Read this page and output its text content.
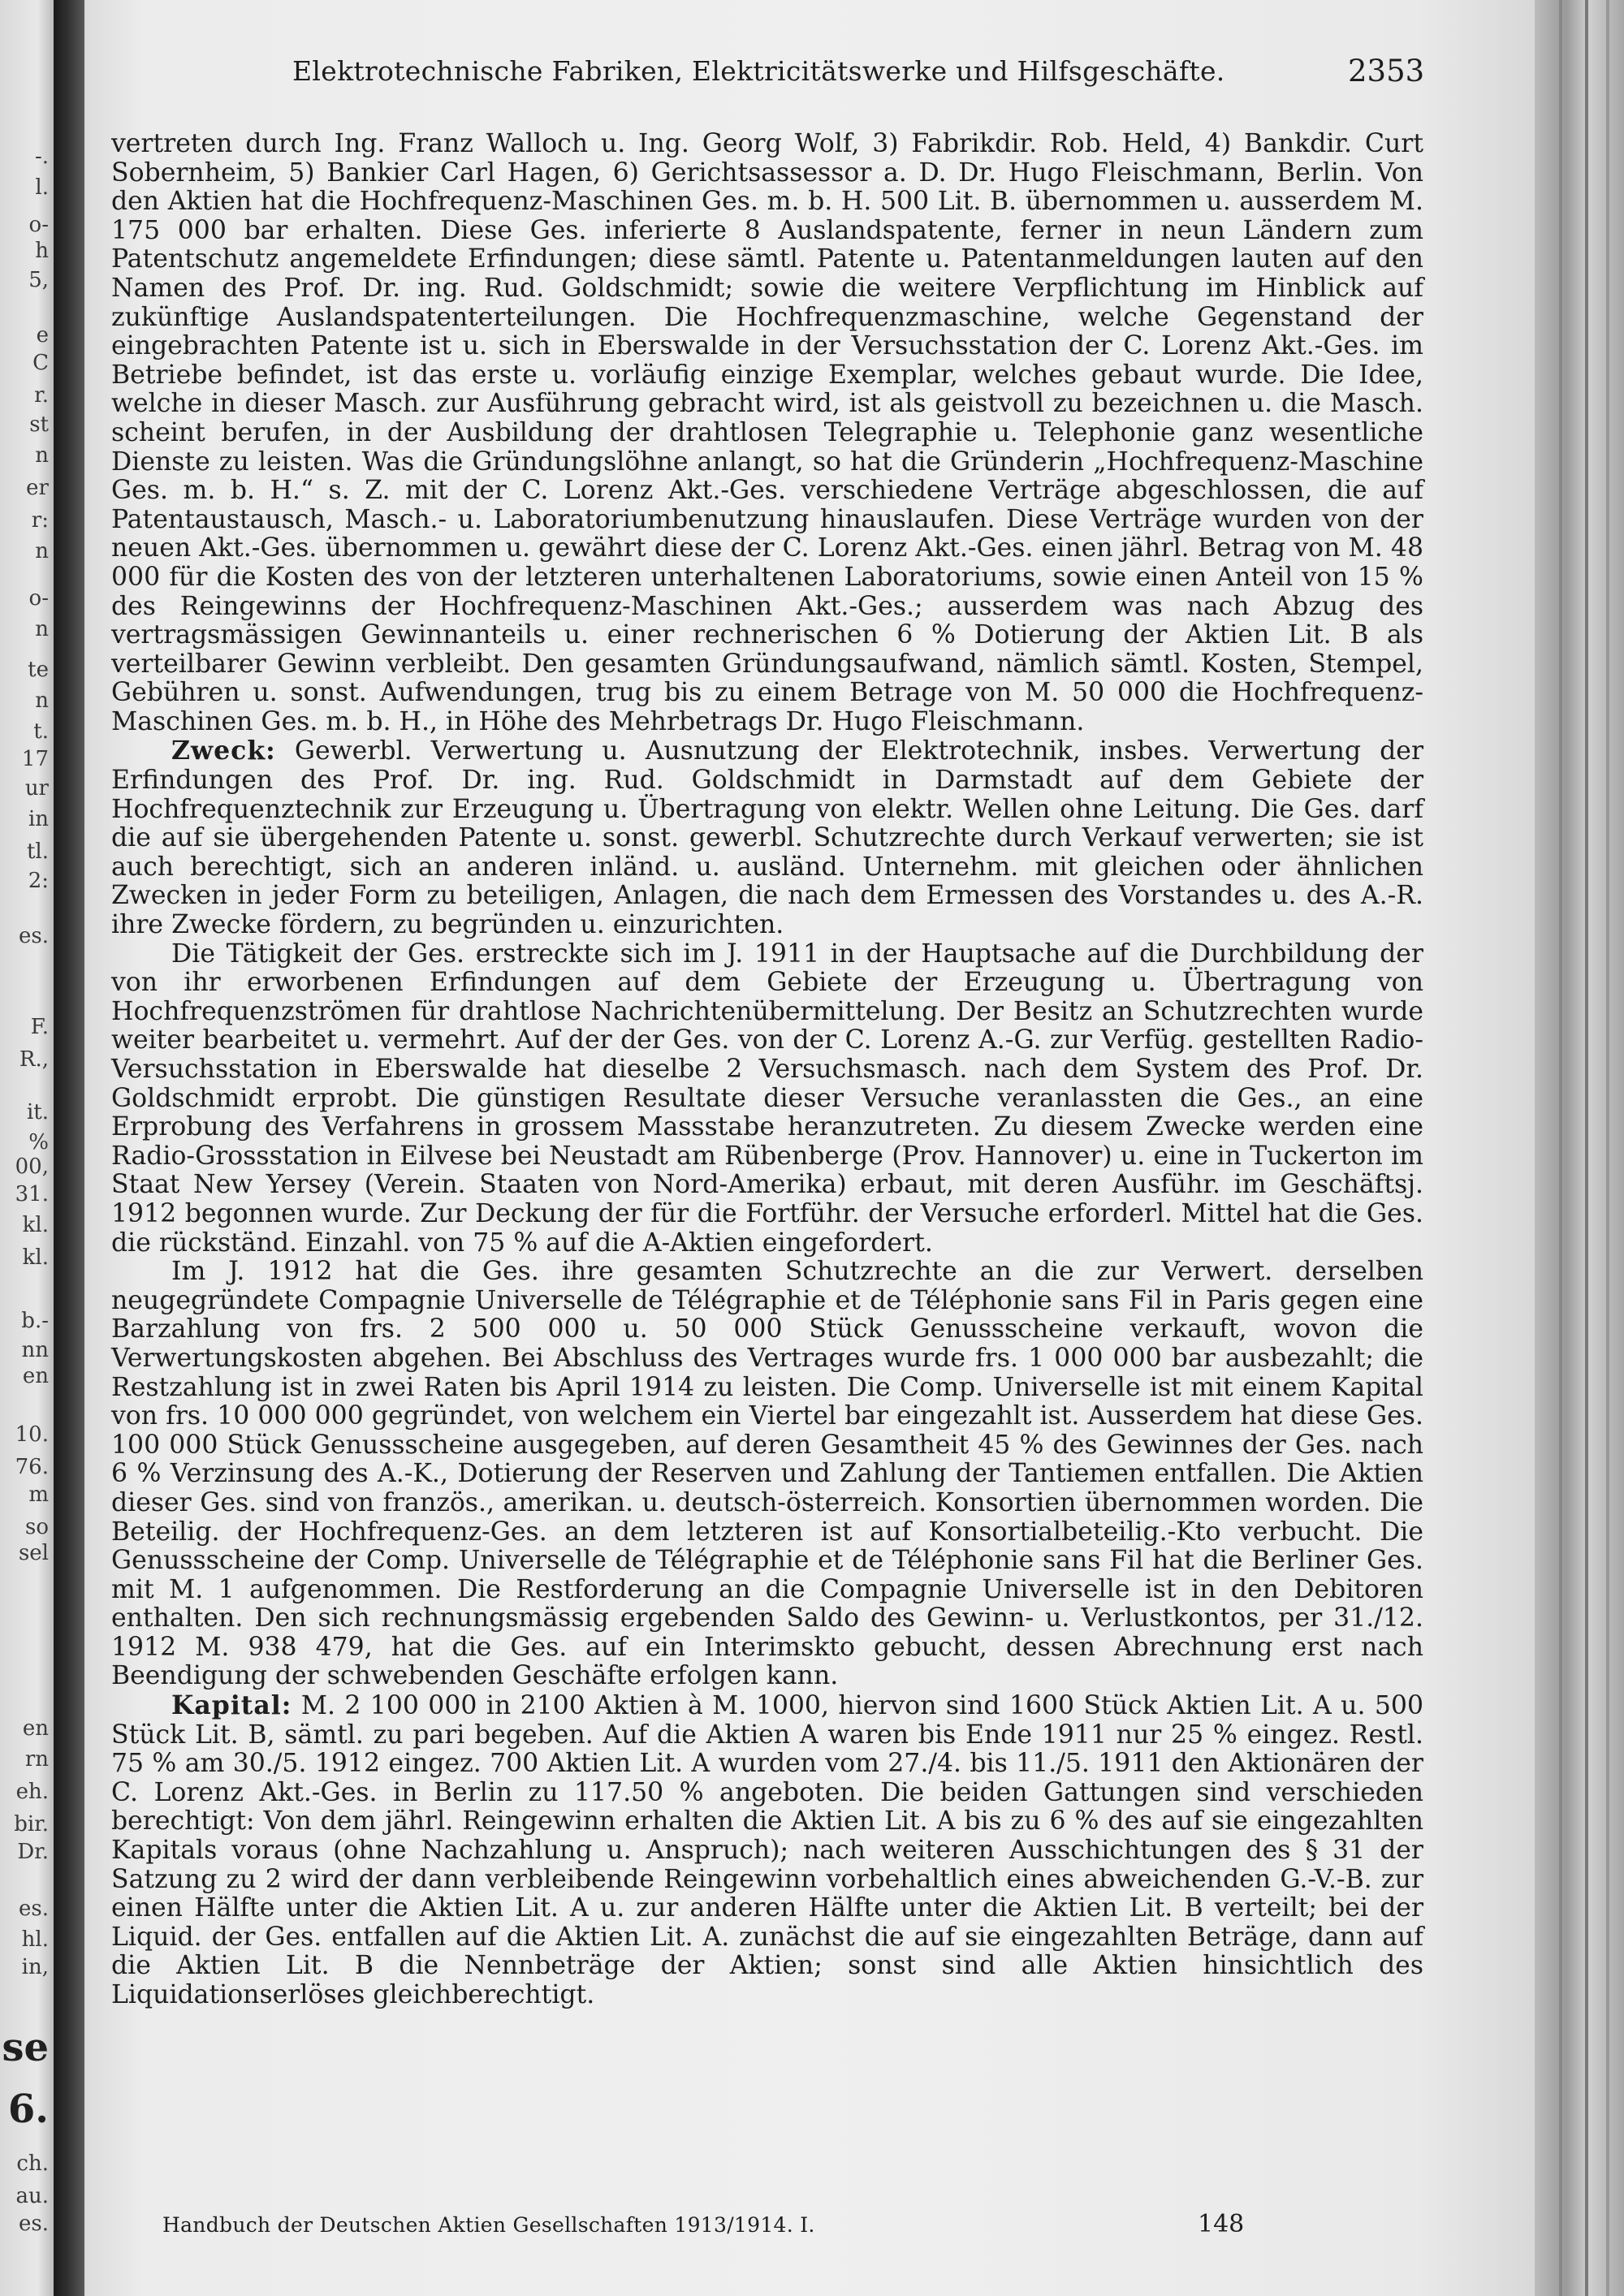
-.
l.
o-
h
5,
e
C
r.
st
n
er
r:
n
o-
n
te
n
t.
17
ur
in
tl.
2:
es.
F.
R.,
it.
%
00,
31.
kl.
kl.
b.-
nn
en
10.
76.
m
so
sel
en
rn
eh.
bir.
Dr.
es.
hl.
in,
se
6.
ch.
au.
es.
Elektrotechnische Fabriken, Elektricitätswerke und Hilfsgeschäfte.	2353

vertreten durch Ing. Franz Walloch u. Ing. Georg Wolf, 3) Fabrikdir. Rob. Held, 4) Bankdir. Curt Sobernheim, 5) Bankier Carl Hagen, 6) Gerichtsassessor a. D. Dr. Hugo Fleischmann, Berlin. Von den Aktien hat die Hochfrequenz-Maschinen Ges. m. b. H. 500 Lit. B. übernommen u. ausserdem M. 175 000 bar erhalten. Diese Ges. inferierte 8 Auslandspatente, ferner in neun Ländern zum Patentschutz angemeldete Erfindungen; diese sämtl. Patente u. Patentanmeldungen lauten auf den Namen des Prof. Dr. ing. Rud. Goldschmidt; sowie die weitere Verpflichtung im Hinblick auf zukünftige Auslandspatenterteilungen. Die Hochfrequenzmaschine, welche Gegenstand der eingebrachten Patente ist u. sich in Eberswalde in der Versuchsstation der C. Lorenz Akt.-Ges. im Betriebe befindet, ist das erste u. vorläufig einzige Exemplar, welches gebaut wurde. Die Idee, welche in dieser Masch. zur Ausführung gebracht wird, ist als geistvoll zu bezeichnen u. die Masch. scheint berufen, in der Ausbildung der drahtlosen Telegraphie u. Telephonie ganz wesentliche Dienste zu leisten. Was die Gründungslöhne anlangt, so hat die Gründerin „Hochfrequenz-Maschine Ges. m. b. H.“ s. Z. mit der C. Lorenz Akt.-Ges. verschiedene Verträge abgeschlossen, die auf Patentaustausch, Masch.- u. Laboratoriumbenutzung hinauslaufen. Diese Verträge wurden von der neuen Akt.-Ges. übernommen u. gewährt diese der C. Lorenz Akt.-Ges. einen jährl. Betrag von M. 48 000 für die Kosten des von der letzteren unterhaltenen Laboratoriums, sowie einen Anteil von 15 % des Reingewinns der Hochfrequenz-Maschinen Akt.-Ges.; ausserdem was nach Abzug des vertragsmässigen Gewinnanteils u. einer rechnerischen 6 % Dotierung der Aktien Lit. B als verteilbarer Gewinn verbleibt. Den gesamten Gründungsaufwand, nämlich sämtl. Kosten, Stempel, Gebühren u. sonst. Aufwendungen, trug bis zu einem Betrage von M. 50 000 die Hochfrequenz-Maschinen Ges. m. b. H., in Höhe des Mehrbetrags Dr. Hugo Fleischmann.

Zweck: Gewerbl. Verwertung u. Ausnutzung der Elektrotechnik, insbes. Verwertung der Erfindungen des Prof. Dr. ing. Rud. Goldschmidt in Darmstadt auf dem Gebiete der Hochfrequenztechnik zur Erzeugung u. Übertragung von elektr. Wellen ohne Leitung. Die Ges. darf die auf sie übergehenden Patente u. sonst. gewerbl. Schutzrechte durch Verkauf verwerten; sie ist auch berechtigt, sich an anderen inländ. u. ausländ. Unternehm. mit gleichen oder ähnlichen Zwecken in jeder Form zu beteiligen, Anlagen, die nach dem Ermessen des Vorstandes u. des A.-R. ihre Zwecke fördern, zu begründen u. einzurichten.

Die Tätigkeit der Ges. erstreckte sich im J. 1911 in der Hauptsache auf die Durchbildung der von ihr erworbenen Erfindungen auf dem Gebiete der Erzeugung u. Übertragung von Hochfrequenzströmen für drahtlose Nachrichtenübermittelung. Der Besitz an Schutzrechten wurde weiter bearbeitet u. vermehrt. Auf der der Ges. von der C. Lorenz A.-G. zur Verfüg. gestellten Radio-Versuchsstation in Eberswalde hat dieselbe 2 Versuchsmasch. nach dem System des Prof. Dr. Goldschmidt erprobt. Die günstigen Resultate dieser Versuche veranlassten die Ges., an eine Erprobung des Verfahrens in grossem Massstabe heranzutreten. Zu diesem Zwecke werden eine Radio-Grossstation in Eilvese bei Neustadt am Rübenberge (Prov. Hannover) u. eine in Tuckerton im Staat New Yersey (Verein. Staaten von Nord-Amerika) erbaut, mit deren Ausführ. im Geschäftsj. 1912 begonnen wurde. Zur Deckung der für die Fortführ. der Versuche erforderl. Mittel hat die Ges. die rückständ. Einzahl. von 75 % auf die A-Aktien eingefordert.

Im J. 1912 hat die Ges. ihre gesamten Schutzrechte an die zur Verwert. derselben neugegründete Compagnie Universelle de Télégraphie et de Téléphonie sans Fil in Paris gegen eine Barzahlung von frs. 2 500 000 u. 50 000 Stück Genussscheine verkauft, wovon die Verwertungskosten abgehen. Bei Abschluss des Vertrages wurde frs. 1 000 000 bar ausbezahlt; die Restzahlung ist in zwei Raten bis April 1914 zu leisten. Die Comp. Universelle ist mit einem Kapital von frs. 10 000 000 gegründet, von welchem ein Viertel bar eingezahlt ist. Ausserdem hat diese Ges. 100 000 Stück Genussscheine ausgegeben, auf deren Gesamtheit 45 % des Gewinnes der Ges. nach 6 % Verzinsung des A.-K., Dotierung der Reserven und Zahlung der Tantiemen entfallen. Die Aktien dieser Ges. sind von französ., amerikan. u. deutsch-österreich. Konsortien übernommen worden. Die Beteilig. der Hochfrequenz-Ges. an dem letzteren ist auf Konsortialbeteilig.-Kto verbucht. Die Genussscheine der Comp. Universelle de Télégraphie et de Téléphonie sans Fil hat die Berliner Ges. mit M. 1 aufgenommen. Die Restforderung an die Compagnie Universelle ist in den Debitoren enthalten. Den sich rechnungsmässig ergebenden Saldo des Gewinn- u. Verlustkontos, per 31./12. 1912 M. 938 479, hat die Ges. auf ein Interimskto gebucht, dessen Abrechnung erst nach Beendigung der schwebenden Geschäfte erfolgen kann.

Kapital: M. 2 100 000 in 2100 Aktien à M. 1000, hiervon sind 1600 Stück Aktien Lit. A u. 500 Stück Lit. B, sämtl. zu pari begeben. Auf die Aktien A waren bis Ende 1911 nur 25 % eingez. Restl. 75 % am 30./5. 1912 eingez. 700 Aktien Lit. A wurden vom 27./4. bis 11./5. 1911 den Aktionären der C. Lorenz Akt.-Ges. in Berlin zu 117.50 % angeboten. Die beiden Gattungen sind verschieden berechtigt: Von dem jährl. Reingewinn erhalten die Aktien Lit. A bis zu 6 % des auf sie eingezahlten Kapitals voraus (ohne Nachzahlung u. Anspruch); nach weiteren Ausschichtungen des § 31 der Satzung zu 2 wird der dann verbleibende Reingewinn vorbehaltlich eines abweichenden G.-V.-B. zur einen Hälfte unter die Aktien Lit. A u. zur anderen Hälfte unter die Aktien Lit. B verteilt; bei der Liquid. der Ges. entfallen auf die Aktien Lit. A. zunächst die auf sie eingezahlten Beträge, dann auf die Aktien Lit. B die Nennbeträge der Aktien; sonst sind alle Aktien hinsichtlich des Liquidationserlöses gleichberechtigt.

Handbuch der Deutschen Aktien Gesellschaften 1913/1914. I.	148
